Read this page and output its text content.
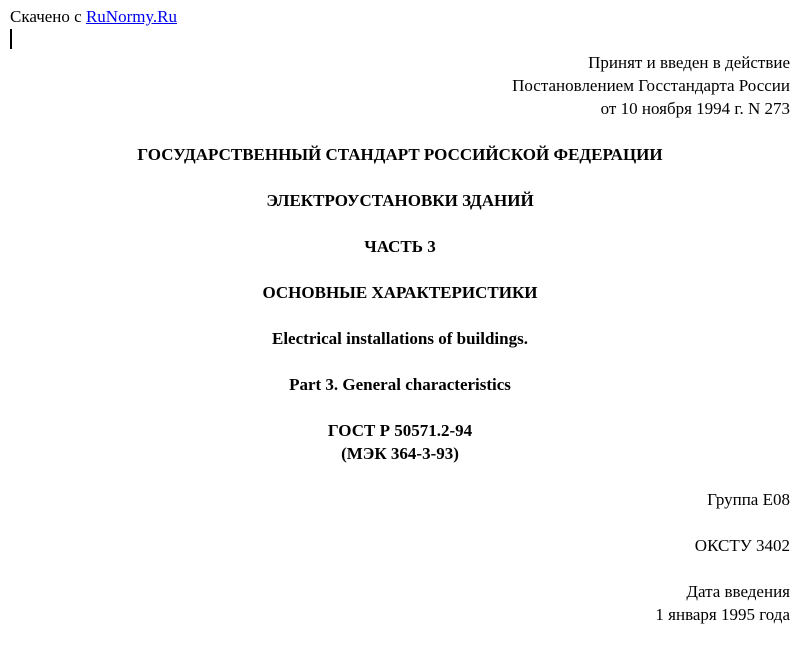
Скачено с RuNormy.Ru
Принят и введен в действие
Постановлением Госстандарта России
от 10 ноября 1994 г. N 273
ГОСУДАРСТВЕННЫЙ СТАНДАРТ РОССИЙСКОЙ ФЕДЕРАЦИИ
ЭЛЕКТРОУСТАНОВКИ ЗДАНИЙ
ЧАСТЬ 3
ОСНОВНЫЕ ХАРАКТЕРИСТИКИ
Electrical installations of buildings.
Part 3. General characteristics
ГОСТ Р 50571.2-94
(МЭК 364-3-93)
Группа Е08
ОКСТУ 3402
Дата введения
1 января 1995 года
